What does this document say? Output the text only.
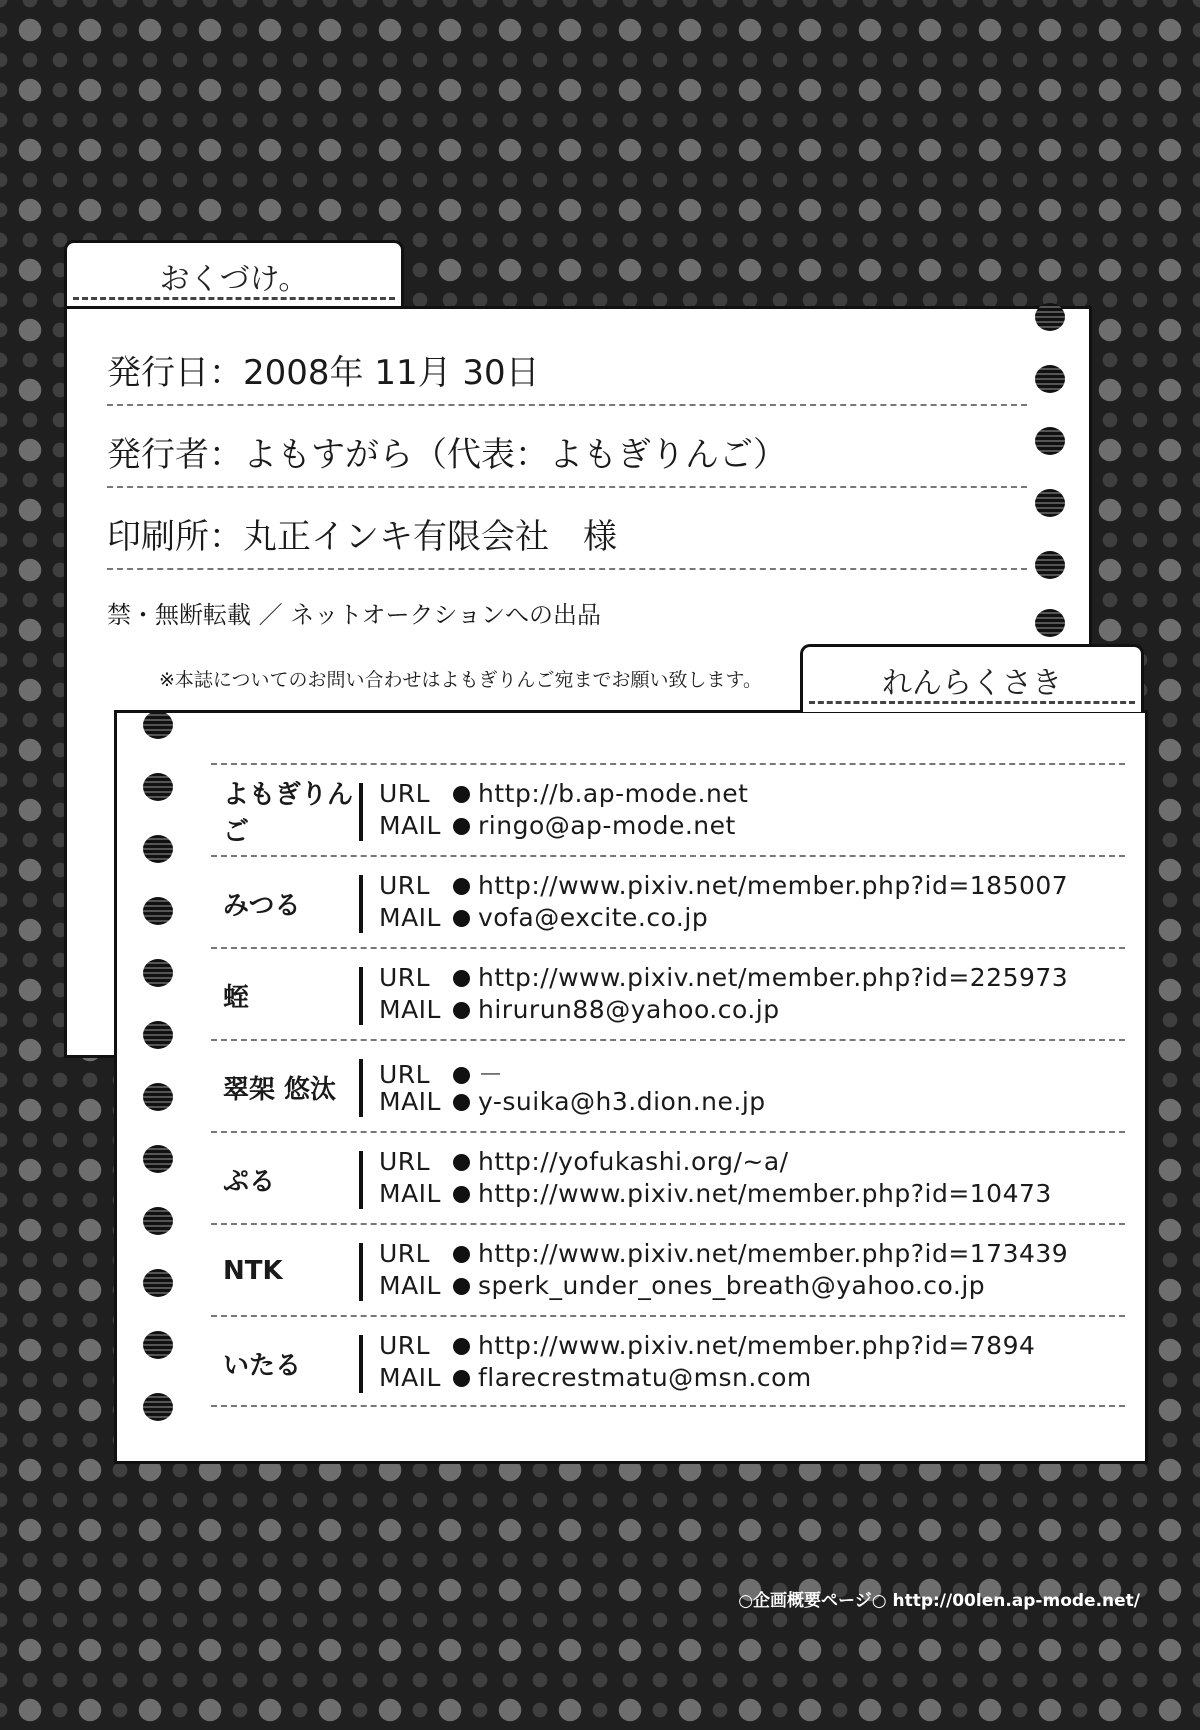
おくづけ。
発行日：2008年 11月 30日
発行者：よもすがら（代表：よもぎりんご）
印刷所：丸正インキ有限会社　様
禁・無断転載 ／ ネットオークションへの出品
※本誌についてのお問い合わせはよもぎりんご宛までお願い致します。
よもぎりんご
URL http://b.ap-mode.net
MAIL ringo@ap-mode.net
みつる
URL http://www.pixiv.net/member.php?id=185007
MAIL vofa@excite.co.jp
蛭
URL http://www.pixiv.net/member.php?id=225973
MAIL hirurun88@yahoo.co.jp
翠架 悠汰	URL －
MAIL y-suika@h3.dion.ne.jp
ぷる
URL http://yofukashi.org/~a/
MAIL http://www.pixiv.net/member.php?id=10473
NTK
URL http://www.pixiv.net/member.php?id=173439
MAIL sperk_under_ones_breath@yahoo.co.jp
いたる
URL http://www.pixiv.net/member.php?id=7894
MAIL flarecrestmatu@msn.com
れんらくさき
○企画概要ページ○ http://00len.ap-mode.net/
